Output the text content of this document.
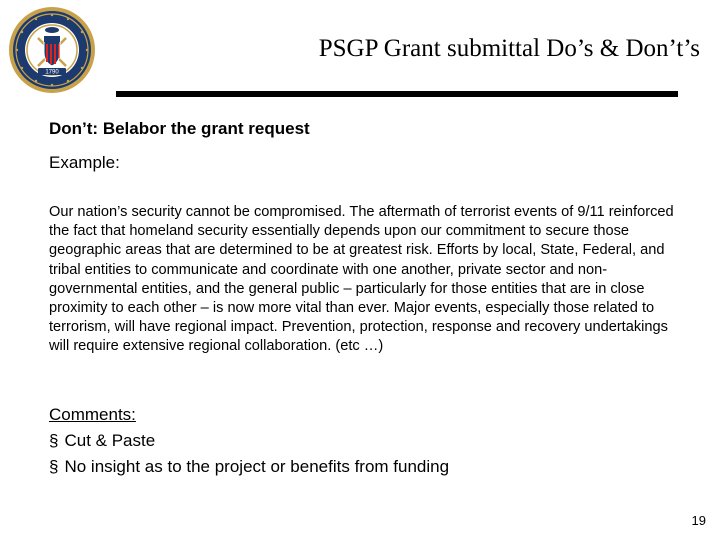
1790
PSGP Grant submittal Do’s & Don’t’s
Don’t: Belabor the grant request
Example:

Our nation’s security cannot be compromised. The aftermath of terrorist events of 9/11 reinforced the fact that homeland security essentially depends upon our commitment to secure those geographic areas that are determined to be at greatest risk. Efforts by local, State, Federal, and tribal entities to communicate and coordinate with one another, private sector and non-governmental entities, and the general public – particularly for those entities that are in close proximity to each other – is now more vital than ever. Major events, especially those related to terrorism, will have regional impact. Prevention, protection, response and recovery undertakings will require extensive regional collaboration. (etc …)

Comments:
§ Cut & Paste
§ No insight as to the project or benefits from funding
19
